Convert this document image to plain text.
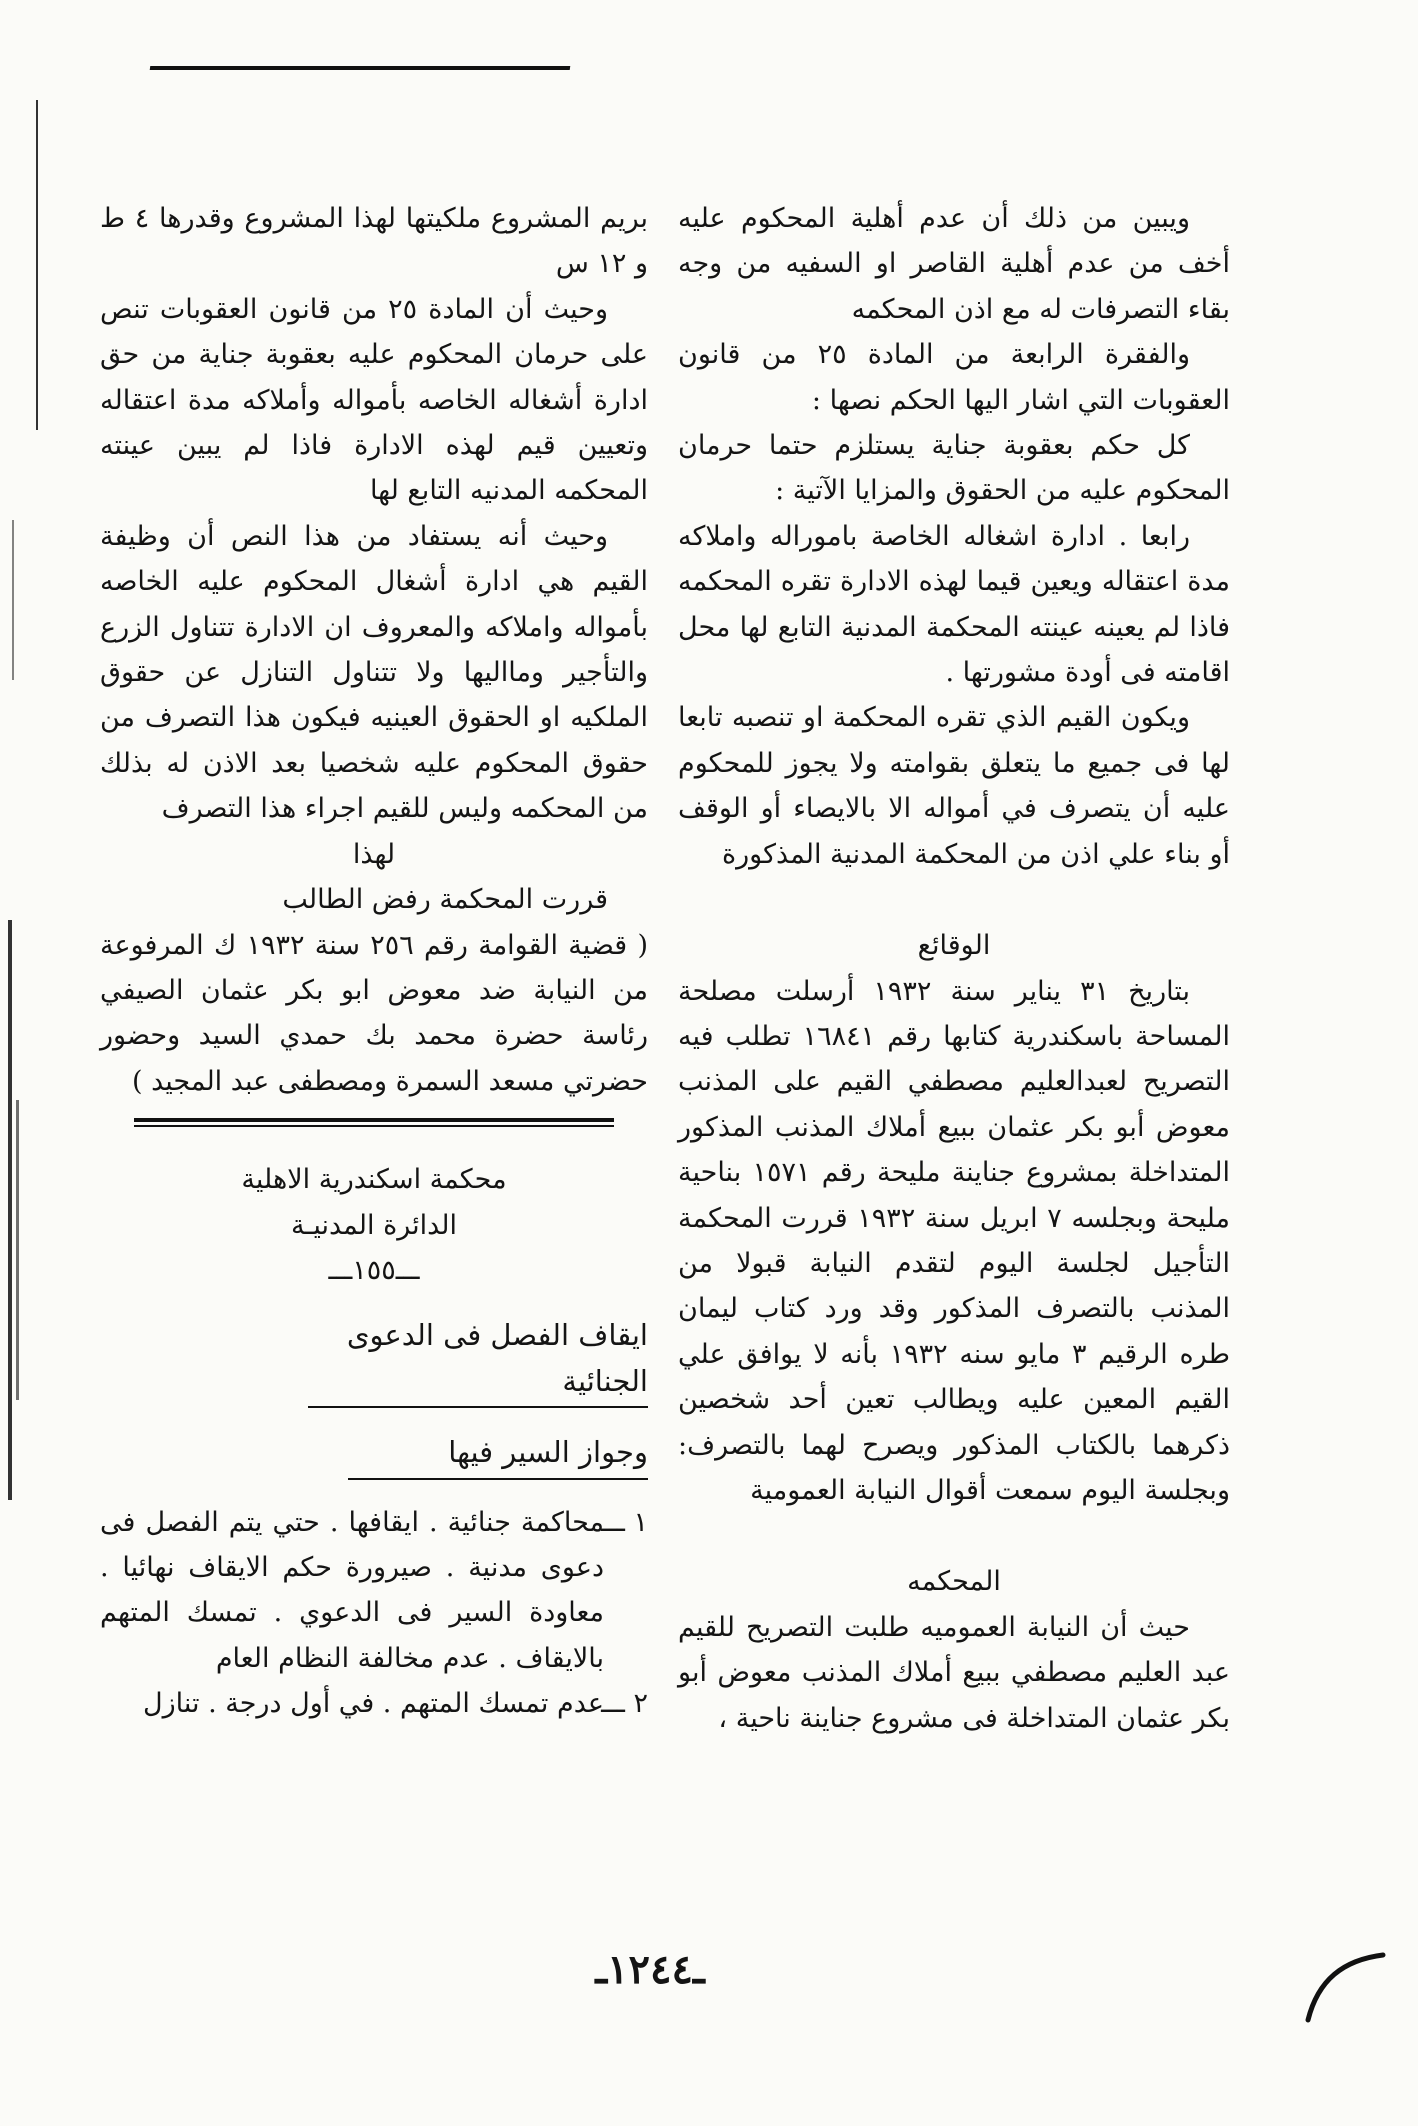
ويبين من ذلك أن عدم أهلية المحكوم عليه أخف من عدم أهلية القاصر او السفيه من وجه بقاء التصرفات له مع اذن المحكمه

والفقرة الرابعة من المادة ٢٥ من قانون العقوبات التي اشار اليها الحكم نصها :

كل حكم بعقوبة جناية يستلزم حتما حرمان المحكوم عليه من الحقوق والمزايا الآتية :

رابعا . ادارة اشغاله الخاصة باموراله واملاكه مدة اعتقاله ويعين قيما لهذه الادارة تقره المحكمه فاذا لم يعينه عينته المحكمة المدنية التابع لها محل اقامته فى أودة مشورتها .

ويكون القيم الذي تقره المحكمة او تنصبه تابعا لها فى جميع ما يتعلق بقوامته ولا يجوز للمحكوم عليه أن يتصرف في أمواله الا بالايصاء أو الوقف أو بناء علي اذن من المحكمة المدنية المذكورة

الوقائع

بتاريخ ٣١ يناير سنة ١٩٣٢ أرسلت مصلحة المساحة باسكندرية كتابها رقم ١٦٨٤١ تطلب فيه التصريح لعبدالعليم مصطفي القيم على المذنب معوض أبو بكر عثمان ببيع أملاك المذنب المذكور المتداخلة بمشروع جناينة مليحة رقم ١٥٧١ بناحية مليحة وبجلسه ٧ ابريل سنة ١٩٣٢ قررت المحكمة التأجيل لجلسة اليوم لتقدم النيابة قبولا من المذنب بالتصرف المذكور وقد ورد كتاب ليمان طره الرقيم ٣ مايو سنه ١٩٣٢ بأنه لا يوافق علي القيم المعين عليه ويطالب تعين أحد شخصين ذكرهما بالكتاب المذكور ويصرح لهما بالتصرف: وبجلسة اليوم سمعت أقوال النيابة العمومية

المحكمه

حيث أن النيابة العموميه طلبت التصريح للقيم عبد العليم مصطفي ببيع أملاك المذنب معوض أبو بكر عثمان المتداخلة فى مشروع جناينة ناحية ،

بريم المشروع ملكيتها لهذا المشروع وقدرها ٤ ط و ١٢ س

وحيث أن المادة ٢٥ من قانون العقوبات تنص على حرمان المحكوم عليه بعقوبة جناية من حق ادارة أشغاله الخاصه بأمواله وأملاكه مدة اعتقاله وتعيين قيم لهذه الادارة فاذا لم يبين عينته المحكمه المدنيه التابع لها

وحيث أنه يستفاد من هذا النص أن وظيفة القيم هي ادارة أشغال المحكوم عليه الخاصه بأمواله واملاكه والمعروف ان الادارة تتناول الزرع والتأجير ومااليها ولا تتناول التنازل عن حقوق الملكيه او الحقوق العينيه فيكون هذا التصرف من حقوق المحكوم عليه شخصيا بعد الاذن له بذلك من المحكمه وليس للقيم اجراء هذا التصرف

لهذا

قررت المحكمة رفض الطالب

( قضية القوامة رقم ٢٥٦ سنة ١٩٣٢ ك المرفوعة من النيابة ضد معوض ابو بكر عثمان الصيفي رئاسة حضرة محمد بك حمدي السيد وحضور حضرتي مسعد السمرة ومصطفى عبد المجيد )

محكمة اسكندرية الاهلية

الدائرة المدنيـة

ـــ١٥٥ـــ

ايقاف الفصل فى الدعوى الجنائية
وجواز السير فيها
١ ـــ
محاكمة جنائية . ايقافها . حتي يتم الفصل فى دعوى مدنية . صيرورة حكم الايقاف نهائيا . معاودة السير فى الدعوي . تمسك المتهم بالايقاف . عدم مخالفة النظام العام
٢ ـــ
عدم تمسك المتهم . في أول درجة . تنازل
ـ١٢٤٤ـ
